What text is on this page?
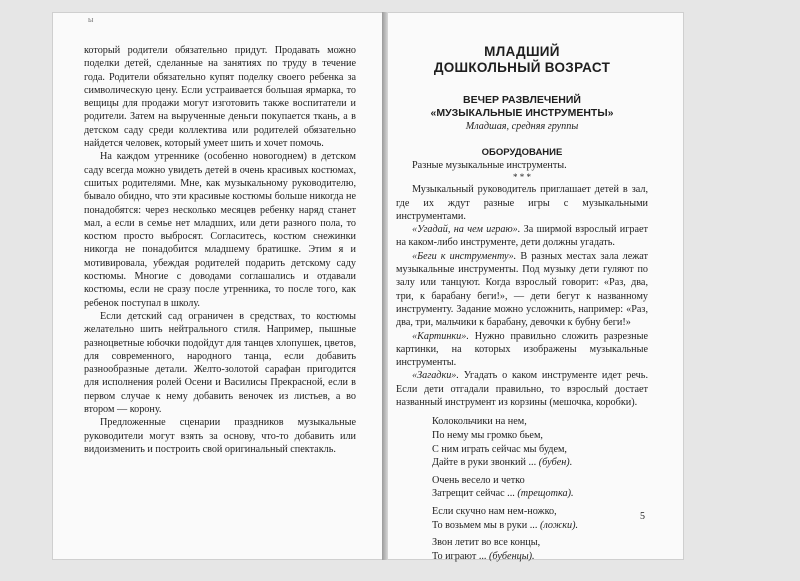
ы

который родители обязательно придут. Продавать можно поделки детей, сделанные на занятиях по труду в течение года. Родители обязательно купят поделку своего ребенка за символическую цену. Если устраивается большая ярмарка, то вещицы для продажи могут изготовить также воспитатели и родители. Затем на вырученные деньги покупается ткань, а в детском саду среди коллектива или родителей обязательно найдется человек, который умеет шить и хочет помочь.

На каждом утреннике (особенно новогоднем) в детском саду всегда можно увидеть детей в очень красивых костюмах, сшитых родителями. Мне, как музыкальному руководителю, бывало обидно, что эти красивые костюмы больше никогда не понадобятся: через несколько месяцев ребенку наряд станет мал, а если в семье нет младших, или дети разного пола, то костюм просто выбросят. Согласитесь, костюм снежинки никогда не понадобится младшему братишке. Этим я и мотивировала, убеждая родителей подарить детскому саду костюмы. Многие с доводами соглашались и отдавали костюмы, если не сразу после утренника, то после того, как ребенок поступал в школу.

Если детский сад ограничен в средствах, то костюмы желательно шить нейтрального стиля. Например, пышные разноцветные юбочки подойдут для танцев хлопушек, цветов, для современного, народного танца, если добавить разнообразные детали. Желто-золотой сарафан пригодится для исполнения ролей Осени и Василисы Прекрасной, если в первом случае к нему добавить веночек из листьев, а во втором — корону.

Предложенные сценарии праздников музыкальные руководители могут взять за основу, что-то добавить или видоизменить и построить свой оригинальный спектакль.

МЛАДШИЙ
ДОШКОЛЬНЫЙ ВОЗРАСТ
ВЕЧЕР РАЗВЛЕЧЕНИЙ
«МУЗЫКАЛЬНЫЕ ИНСТРУМЕНТЫ»
Младшая, средняя группы
ОБОРУДОВАНИЕ

Разные музыкальные инструменты.

* * *

Музыкальный руководитель приглашает детей в зал, где их ждут разные игры с музыкальными инструментами.

«Угадай, на чем играю». За ширмой взрослый играет на каком-либо инструменте, дети должны угадать.

«Беги к инструменту». В разных местах зала лежат музыкальные инструменты. Под музыку дети гуляют по залу или танцуют. Когда взрослый говорит: «Раз, два, три, к барабану беги!», — дети бегут к названному инструменту. Задание можно усложнить, например: «Раз, два, три, мальчики к барабану, девочки к бубну беги!»

«Картинки». Нужно правильно сложить разрезные картинки, на которых изображены музыкальные инструменты.

«Загадки». Угадать о каком инструменте идет речь. Если дети отгадали правильно, то взрослый достает названный инструмент из корзины (мешочка, коробки).

Колокольчики на нем,

По нему мы громко бьем,

С ним играть сейчас мы будем,

Дайте в руки звонкий ... (бубен).

Очень весело и четко

Затрещит сейчас ... (трещотка).

Если скучно нам нем-ножко,

То возьмем мы в руки ... (ложки).

Звон летит во все концы,

То играют ... (бубенцы).

5
